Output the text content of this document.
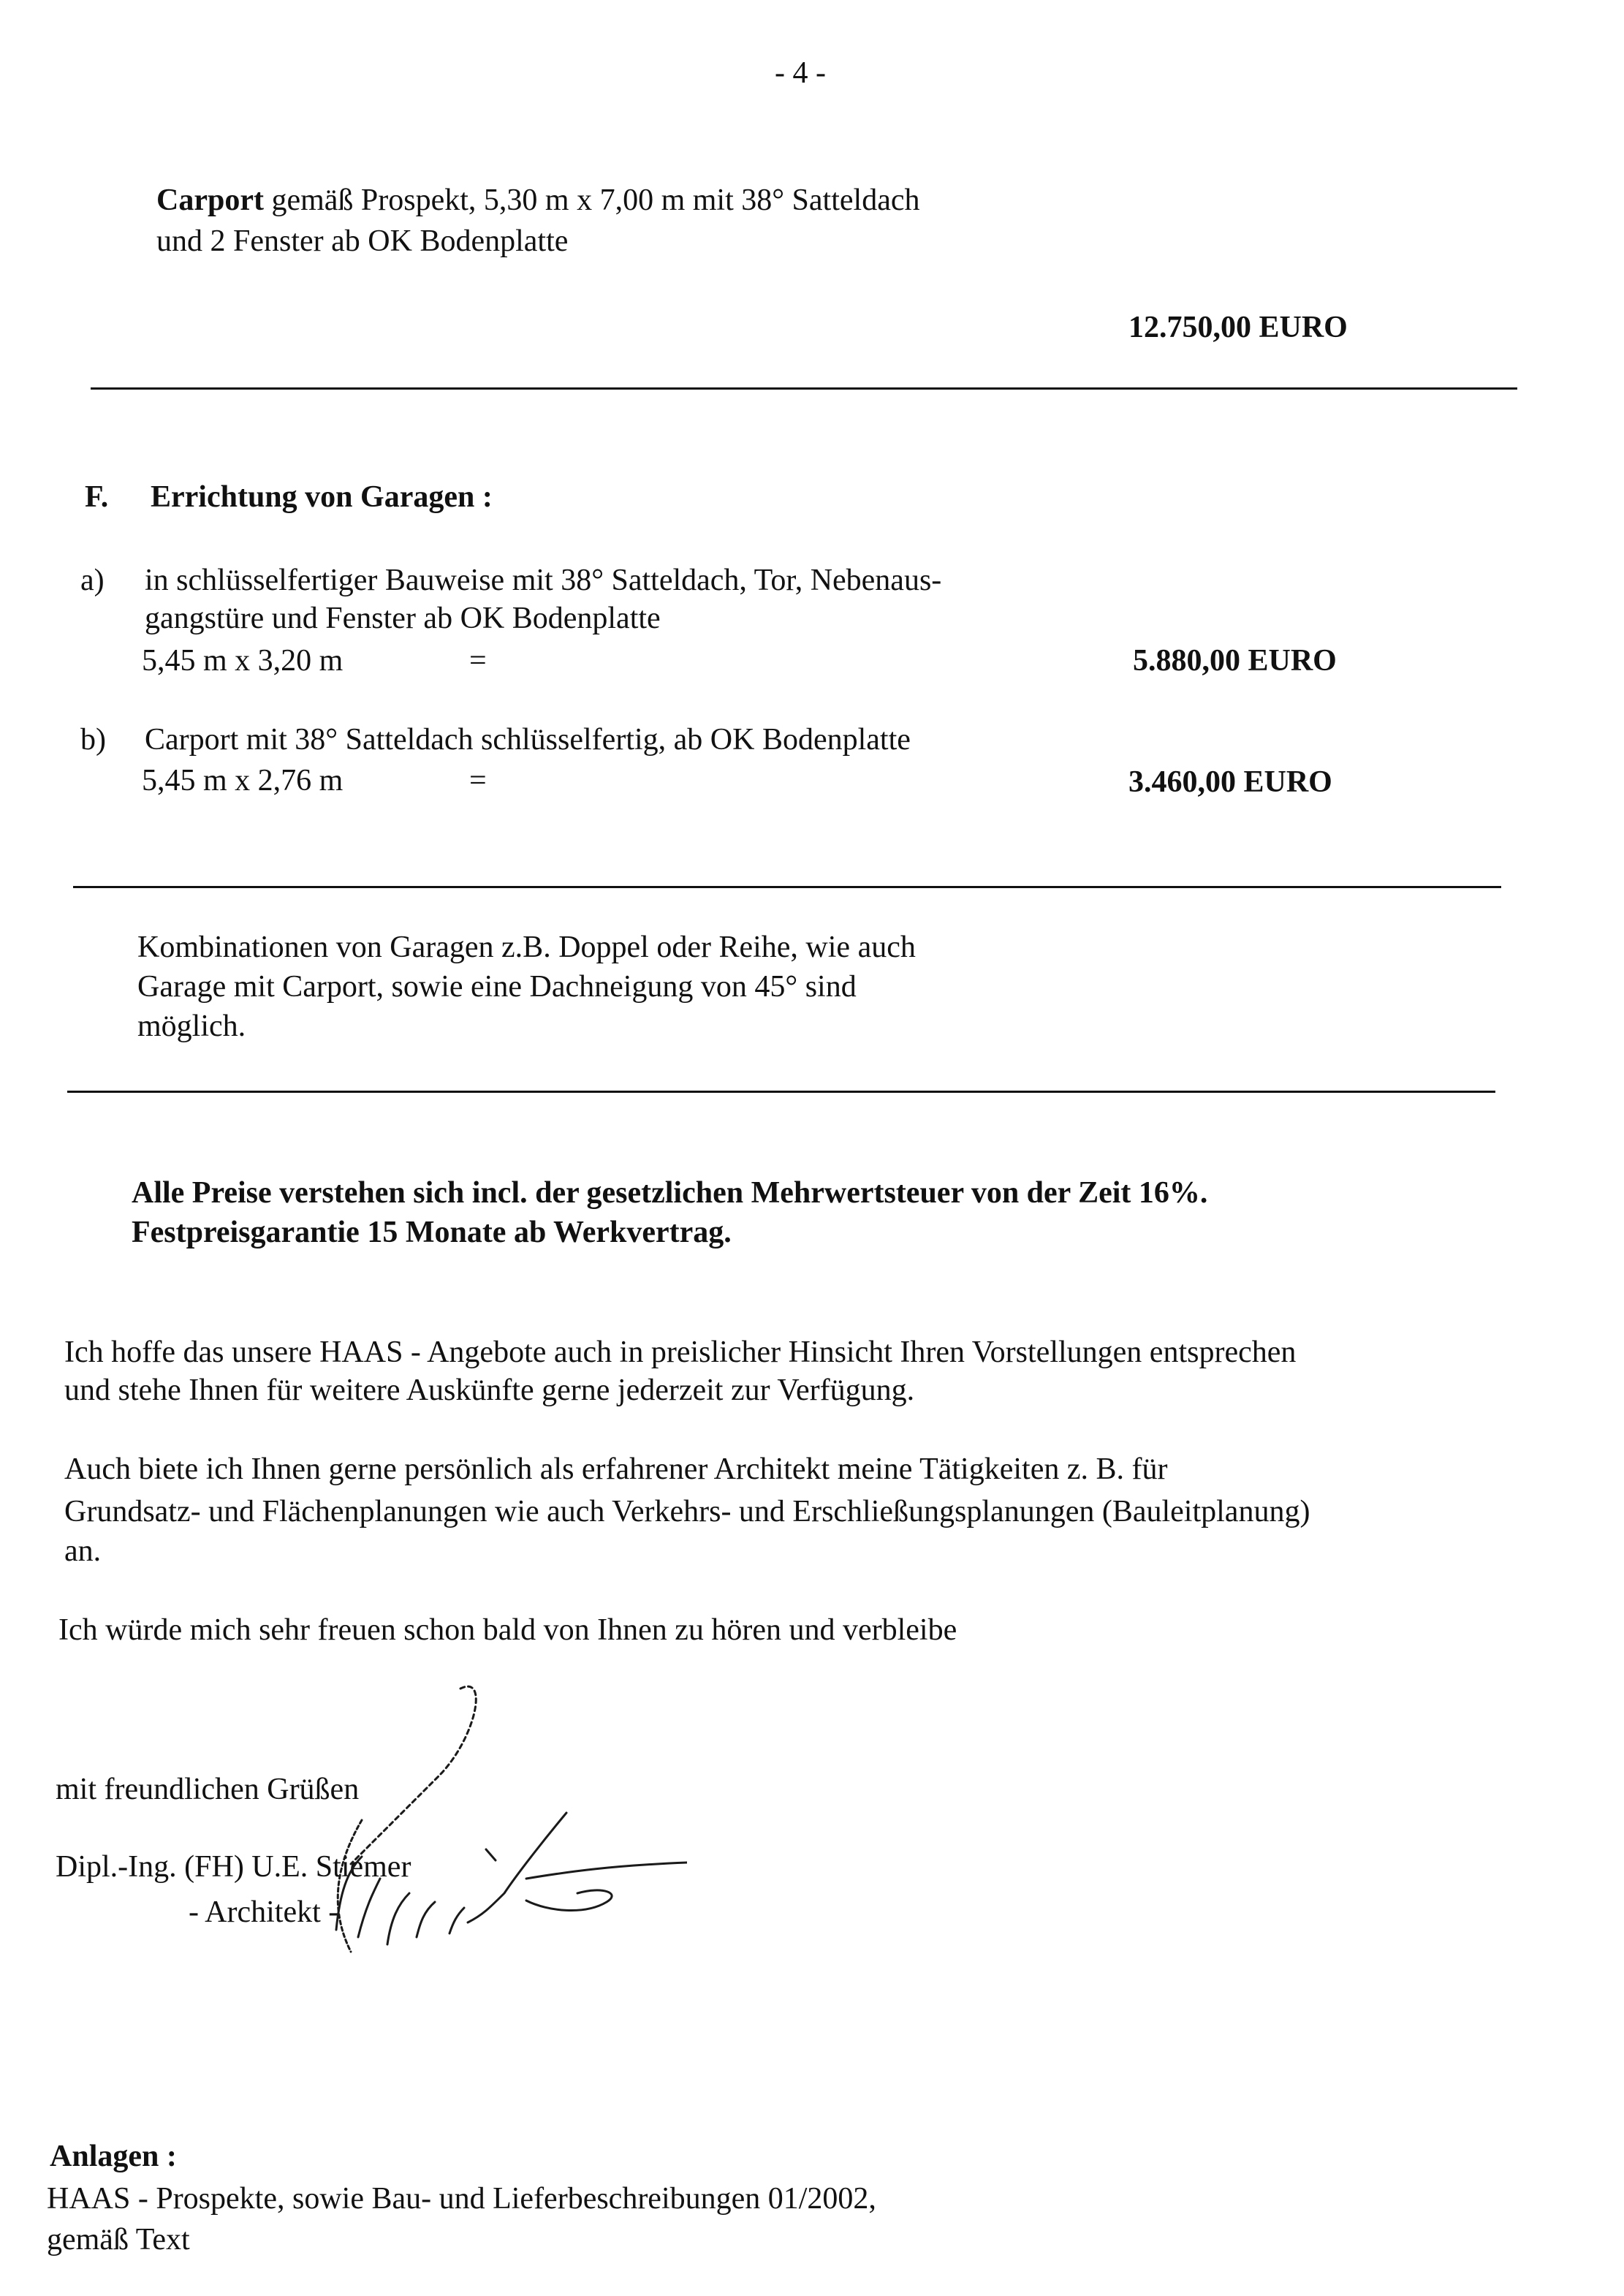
- 4 -
Carport gemäß Prospekt, 5,30 m x 7,00 m mit 38° Satteldach
und 2 Fenster ab OK Bodenplatte
12.750,00 EURO
F. Errichtung von Garagen :
a) in schlüsselfertiger Bauweise mit 38° Satteldach, Tor, Nebenaus-
gangstüre und Fenster ab OK Bodenplatte
5,45 m x 3,20 m	=	5.880,00 EURO
b) Carport mit 38° Satteldach schlüsselfertig, ab OK Bodenplatte
5,45 m x 2,76 m	=	3.460,00 EURO
Kombinationen von Garagen z.B. Doppel oder Reihe, wie auch
Garage mit Carport, sowie eine Dachneigung von 45° sind
möglich.
Alle Preise verstehen sich incl. der gesetzlichen Mehrwertsteuer von der Zeit 16%.
Festpreisgarantie 15 Monate ab Werkvertrag.
Ich hoffe das unsere HAAS - Angebote auch in preislicher Hinsicht Ihren Vorstellungen entsprechen
und stehe Ihnen für weitere Auskünfte gerne jederzeit zur Verfügung.
Auch biete ich Ihnen gerne persönlich als erfahrener Architekt meine Tätigkeiten z. B. für
Grundsatz- und Flächenplanungen wie auch Verkehrs- und Erschließungsplanungen (Bauleitplanung)
an.
Ich würde mich sehr freuen schon bald von Ihnen zu hören und verbleibe
mit freundlichen Grüßen
Dipl.-Ing. (FH) U.E. Stiemer
- Architekt -
Anlagen :
HAAS - Prospekte, sowie Bau- und Lieferbeschreibungen 01/2002,
gemäß Text
